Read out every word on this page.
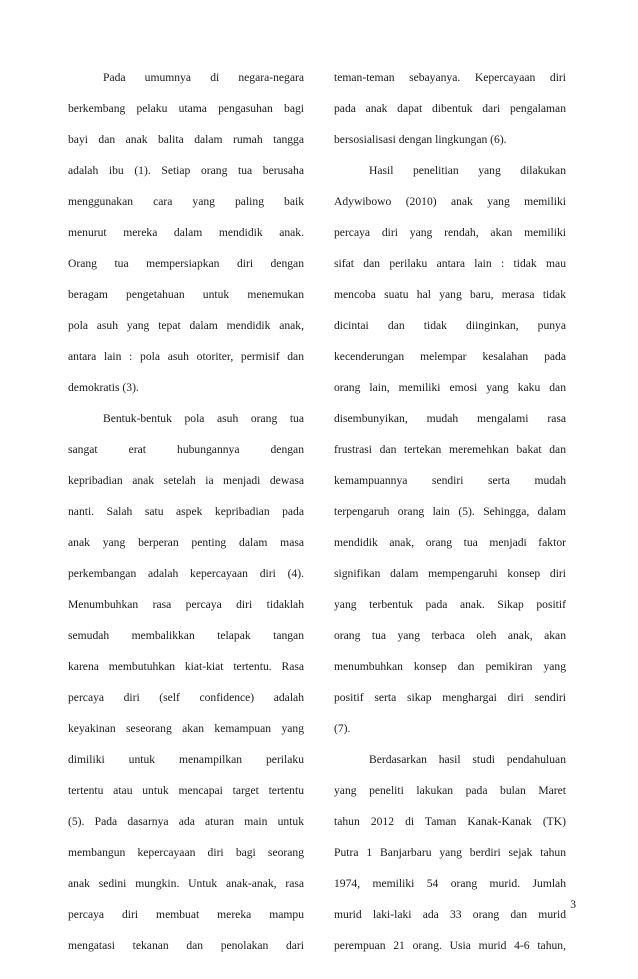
Pada umumnya di negara-negara
berkembang pelaku utama pengasuhan bagi
bayi dan anak balita dalam rumah tangga
adalah ibu (1). Setiap orang tua berusaha
menggunakan cara yang paling baik
menurut mereka dalam mendidik anak.
Orang tua mempersiapkan diri dengan
beragam pengetahuan untuk menemukan
pola asuh yang tepat dalam mendidik anak,
antara lain : pola asuh otoriter, permisif dan
demokratis (3).
Bentuk-bentuk pola asuh orang tua
sangat erat hubungannya dengan
kepribadian anak setelah ia menjadi dewasa
nanti. Salah satu aspek kepribadian pada
anak yang berperan penting dalam masa
perkembangan adalah kepercayaan diri (4).
Menumbuhkan rasa percaya diri tidaklah
semudah membalikkan telapak tangan
karena membutuhkan kiat-kiat tertentu. Rasa
percaya diri (self confidence) adalah
keyakinan seseorang akan kemampuan yang
dimiliki untuk menampilkan perilaku
tertentu atau untuk mencapai target tertentu
(5). Pada dasarnya ada aturan main untuk
membangun kepercayaan diri bagi seorang
anak sedini mungkin. Untuk anak-anak, rasa
percaya diri membuat mereka mampu
mengatasi tekanan dan penolakan dari
teman-teman sebayanya. Kepercayaan diri
pada anak dapat dibentuk dari pengalaman
bersosialisasi dengan lingkungan (6).
Hasil penelitian yang dilakukan
Adywibowo (2010) anak yang memiliki
percaya diri yang rendah, akan memiliki
sifat dan perilaku antara lain : tidak mau
mencoba suatu hal yang baru, merasa tidak
dicintai dan tidak diinginkan, punya
kecenderungan melempar kesalahan pada
orang lain, memiliki emosi yang kaku dan
disembunyikan, mudah mengalami rasa
frustrasi dan tertekan meremehkan bakat dan
kemampuannya sendiri serta mudah
terpengaruh orang lain (5). Sehingga, dalam
mendidik anak, orang tua menjadi faktor
signifikan dalam mempengaruhi konsep diri
yang terbentuk pada anak. Sikap positif
orang tua yang terbaca oleh anak, akan
menumbuhkan konsep dan pemikiran yang
positif serta sikap menghargai diri sendiri
(7).
Berdasarkan hasil studi pendahuluan
yang peneliti lakukan pada bulan Maret
tahun 2012 di Taman Kanak-Kanak (TK)
Putra 1 Banjarbaru yang berdiri sejak tahun
1974, memiliki 54 orang murid. Jumlah
murid laki-laki ada 33 orang dan murid
perempuan 21 orang. Usia murid 4-6 tahun,
3
